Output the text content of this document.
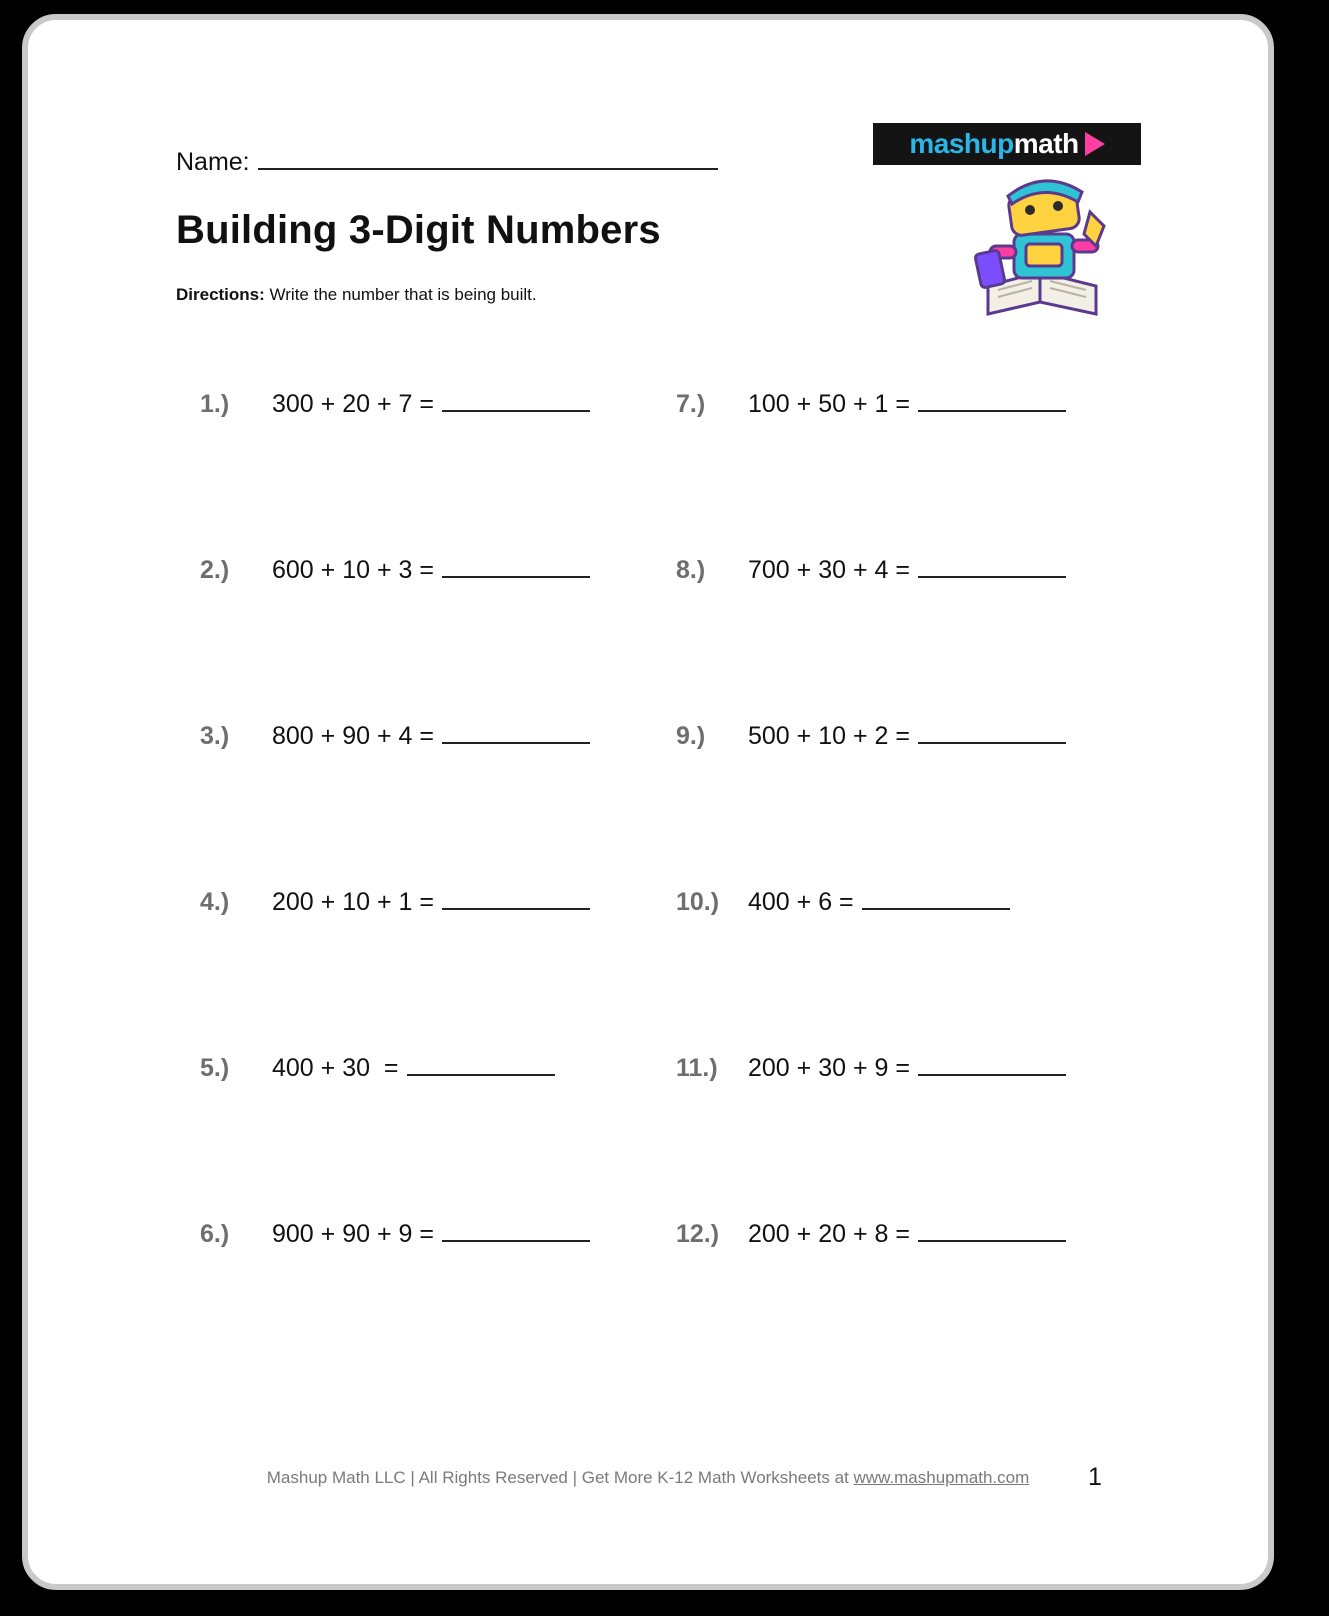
Name:
Building 3-Digit Numbers
Directions: Write the number that is being built.
mashupmath
1.)	300 + 20 + 7 =	7.)	100 + 50 + 1 =
2.)	600 + 10 + 3 =	8.)	700 + 30 + 4 =
3.)	800 + 90 + 4 =	9.)	500 + 10 + 2 =
4.)	200 + 10 + 1 =	10.)	400 + 6 =
5.)	400 + 30  =	11.)	200 + 30 + 9 =
6.)	900 + 90 + 9 =	12.)	200 + 20 + 8 =
Mashup Math LLC | All Rights Reserved | Get More K-12 Math Worksheets at www.mashupmath.com	1
